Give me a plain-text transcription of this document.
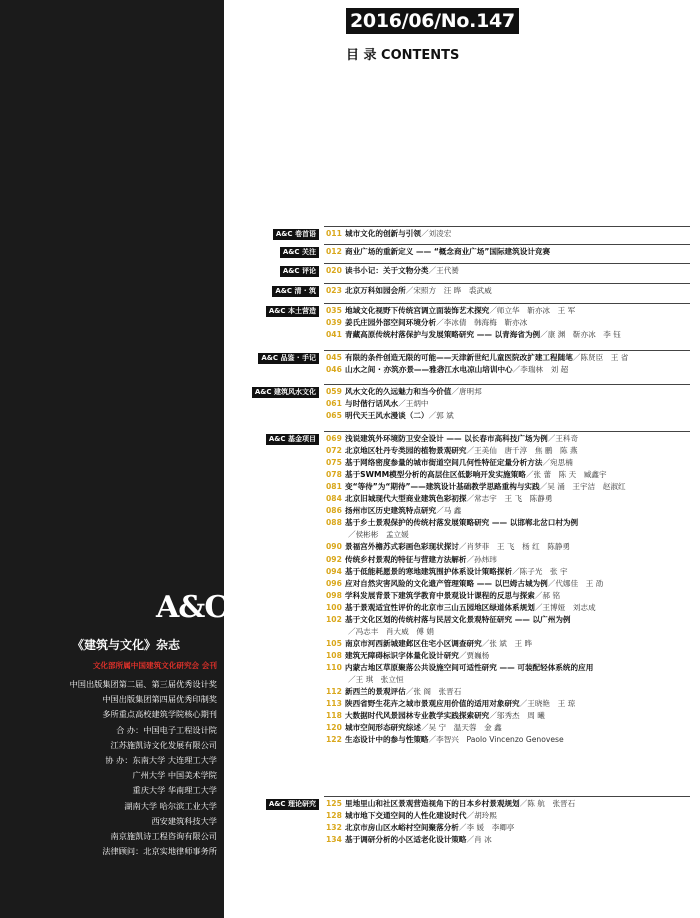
A&C
《建筑与文化》杂志
文化部所属中国建筑文化研究会 会刊
中国出版集团第二届、第三届优秀设计奖
中国出版集团第四届优秀印制奖
多所重点高校建筑学院核心期刊
合 办：中国电子工程设计院
江苏施凯诗文化发展有限公司
协 办：东南大学 大连理工大学
广州大学 中国美术学院
重庆大学 华南理工大学
湖南大学 哈尔滨工业大学
西安建筑科技大学
南京施凯诗工程咨询有限公司
法律顾问：北京实地律师事务所
2016/06/No.147
目 录 CONTENTS
A&C 卷首语	011 城市文化的创新与引领／刘凌宏
A&C 关注	012 商业广场的重新定义 —— “概念商业广场”国际建筑设计竞赛
A&C 评论	020 读书小记：关于文物分类／王代赟
A&C 清 · 筑	023 北京万科如园会所／宋照方　汪 晔　裘武威
A&C 本土营造	035 地域文化视野下传统宫调立面装饰艺术探究／师立华　靳亦冰　王 军
039 姜氏庄园外部空间环境分析／李冰倩　韩海梅　靳亦冰
041 青藏高原传统村落保护与发展策略研究 —— 以青海省为例／康 渊　靳亦冰　李 钰
A&C 品鉴 · 手记	045 有限的条件创造无限的可能——天津新世纪儿童医院改扩建工程随笔／陈贤臣　王 省
046 山水之间 · 亦筑亦景——雅砻江水电凉山培训中心／李瑞林　刘 超
A&C 建筑风水文化	059 风水文化的久远魅力和当今价值／唐明邦
061 与时偕行话风水／王炳中
065 明代天王风水漫谈（二）／郭 斌
A&C 基金项目	069 浅说建筑外环境防卫安全设计 —— 以长春市高科技广场为例／王科奇
072 北京地区牡丹专类园的植物景观研究／王美仙　唐千淳　焦 鹏　陈 燕
075 基于网络密度参量的城市街道空间几何性特征定量分析方法／宛思楠
078 基于SWMM模型分析的高层住区低影响开发实施策略／张 蕾　陈 天　臧鑫宇
081 变“等待”为“期待”——建筑设计基础教学思路重构与实践／吴 涌　王宇洁　赵淑红
084 北京旧城现代大型商业建筑色彩初探／常志宇　王 飞　陈静勇
086 扬州市区历史建筑特点研究／马 鑫
088 基于乡土景观保护的传统村落发展策略研究 —— 以邯郸北岔口村为例
／侯彬彬　孟立媛
090 景福宫外檐苏式彩画色彩现状探讨／肖梦菲　王 飞　杨 红　陈静勇
092 传统乡村景观的特征与营建方法解析／孙炜玮
094 基于低能耗愿景的寒地建筑围护体系设计策略探析／陈子光　张 宇
096 应对自然灾害风险的文化遗产管理策略 —— 以巴姆古城为例／代娜佳　王 劭
098 学科发展背景下建筑学教育中景观设计课程的反思与探索／郝 铭
100 基于景观适宜性评价的北京市三山五园地区绿道体系规划／王博娅　刘志成
102 基于文化区划的传统村落与民居文化景观特征研究 —— 以广州为例
／冯志丰　肖大威　傅 娟
105 南京市河西新城建邺区住宅小区调查研究／张 斌　王 晔
108 建筑无障碍标识字体量化设计研究／贾巍杨
110 内蒙古地区草原聚落公共设施空间可适性研究 —— 可装配轻体系统的应用
／王 琪　张立恒
112 新西兰的景观评估／张 阁　张晋石
113 陕西省野生花卉之城市景观应用价值的适用对象研究／王晓艳　王 琼
118 大数据时代风景园林专业教学实践探索研究／邬秀杰　周 曦
120 城市空间形态研究综述／吴 宁　温天蓉　金 鑫
122 生态设计中的参与性策略／李智兴　Paolo Vincenzo Genovese
A&C 理论研究	125 里地里山和社区景观营造视角下的日本乡村景观规划／陈 航　张晋石
128 城市地下交通空间的人性化建设时代／胡玲熙
132 北京市房山区水峪村空间聚落分析／李 媛　李卿亭
134 基于调研分析的小区适老化设计策略／肖 冰
